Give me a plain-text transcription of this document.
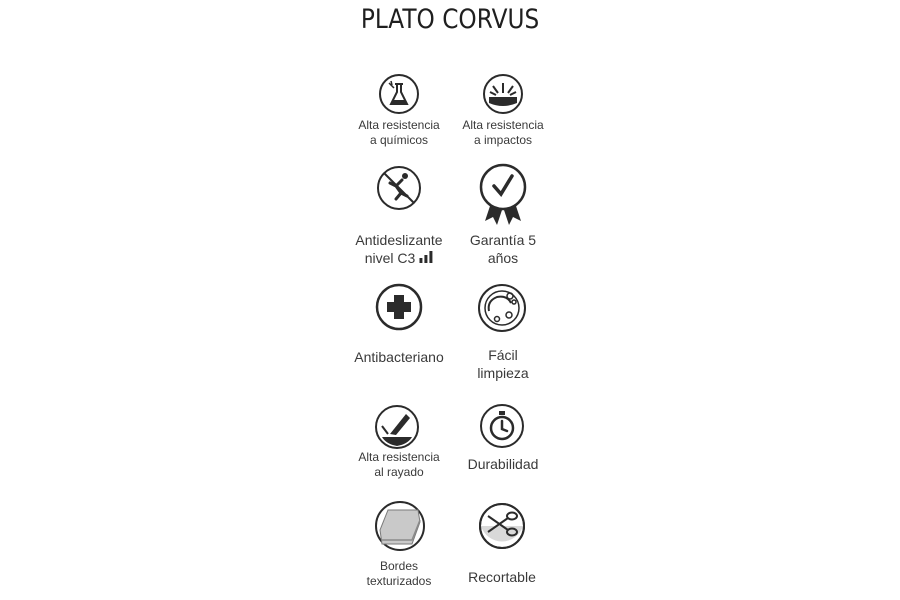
PLATO CORVUS
Alta resistencia
a químicos
Alta resistencia
a impactos
Antideslizante
nivel C3
Garantía 5
años
Antibacteriano	Fácil
limpieza
Alta resistencia
al rayado	Durabilidad
Bordes
texturizados	Recortable
